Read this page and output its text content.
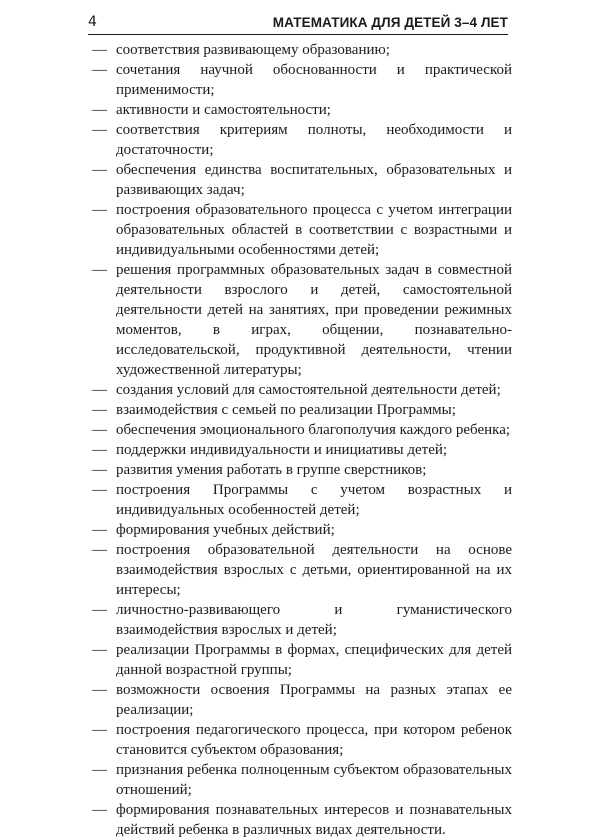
4	МАТЕМАТИКА ДЛЯ ДЕТЕЙ 3–4 ЛЕТ
— соответствия развивающему образованию;
— сочетания научной обоснованности и практической применимости;
— активности и самостоятельности;
— соответствия критериям полноты, необходимости и достаточности;
— обеспечения единства воспитательных, образовательных и развивающих задач;
— построения образовательного процесса с учетом интеграции образовательных областей в соответствии с возрастными и индивидуальными особенностями детей;
— решения программных образовательных задач в совместной деятельности взрослого и детей, самостоятельной деятельности детей на занятиях, при проведении режимных моментов, в играх, общении, познавательно-исследовательской, продуктивной деятельности, чтении художественной литературы;
— создания условий для самостоятельной деятельности детей;
— взаимодействия с семьей по реализации Программы;
— обеспечения эмоционального благополучия каждого ребенка;
— поддержки индивидуальности и инициативы детей;
— развития умения работать в группе сверстников;
— построения Программы с учетом возрастных и индивидуальных особенностей детей;
— формирования учебных действий;
— построения образовательной деятельности на основе взаимодействия взрослых с детьми, ориентированной на их интересы;
— личностно-развивающего и гуманистического взаимодействия взрослых и детей;
— реализации Программы в формах, специфических для детей данной возрастной группы;
— возможности освоения Программы на разных этапах ее реализации;
— построения педагогического процесса, при котором ребенок становится субъектом образования;
— признания ребенка полноценным субъектом образовательных отношений;
— формирования познавательных интересов и познавательных действий ребенка в различных видах деятельности.
